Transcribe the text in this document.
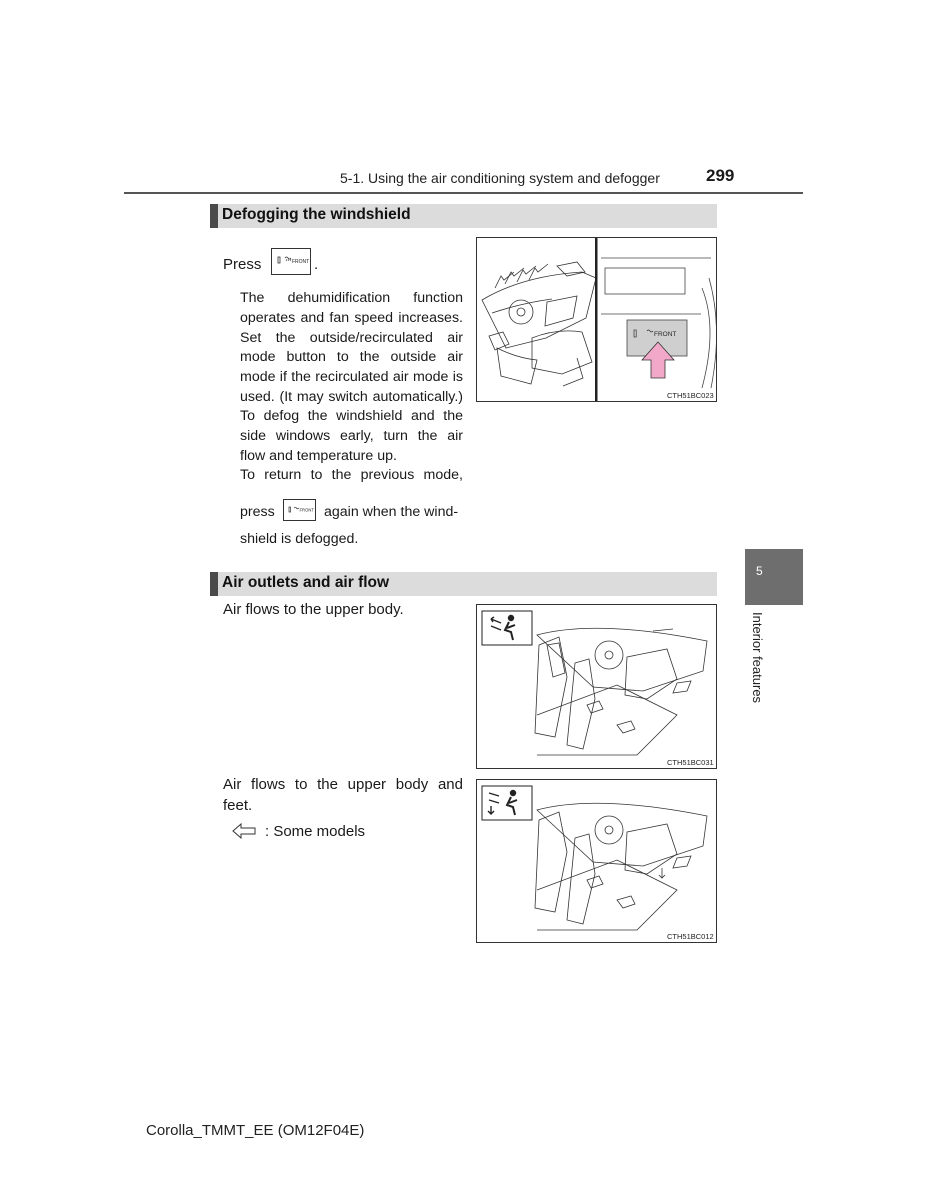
5-1. Using the air conditioning system and defogger	299
Defogging the windshield
Press	FRONT .
The dehumidification function
operates and fan speed increases.
Set the outside/recirculated air
mode button to the outside air
mode if the recirculated air mode is
used. (It may switch automatically.)
To defog the windshield and the
side windows early, turn the air
flow and temperature up.
To return to the previous mode,
press	FRONT again when the wind-
shield is defogged.
FRONT
CTH51BC023
Air outlets and air flow
Air flows to the upper body.
CTH51BC031
Air flows to the upper body and
feet.
: Some models
CTH51BC012
5
Interior features
Corolla_TMMT_EE (OM12F04E)
